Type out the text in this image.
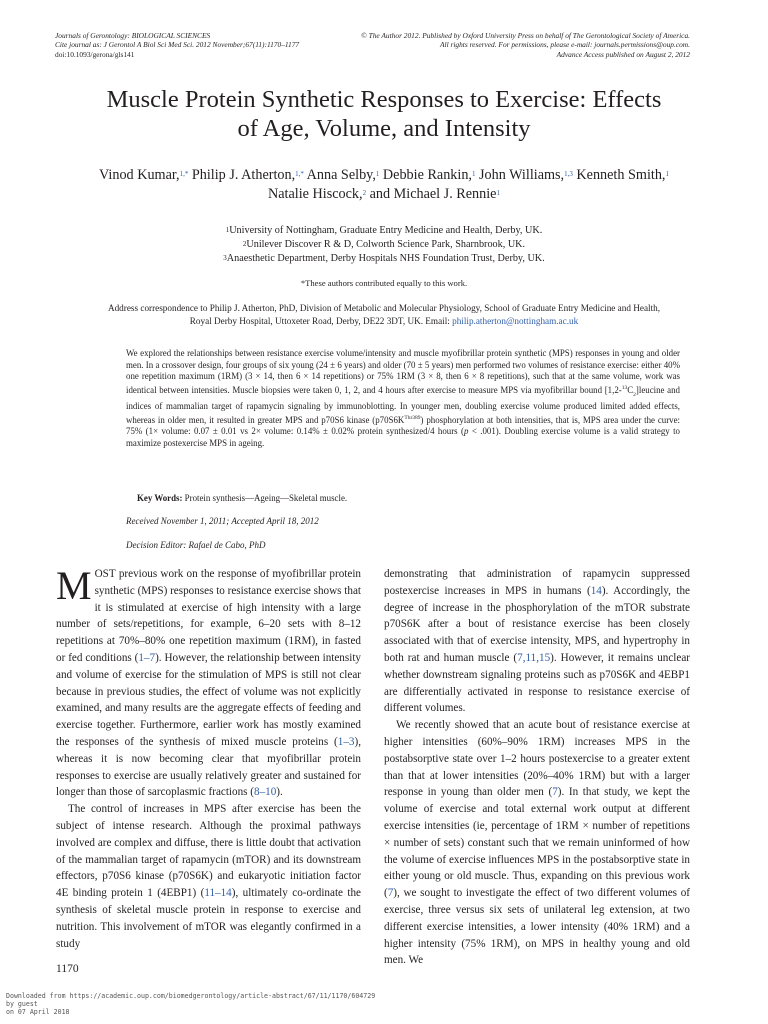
Journals of Gerontology: BIOLOGICAL SCIENCES
Cite journal as: J Gerontol A Biol Sci Med Sci. 2012 November;67(11):1170–1177
doi:10.1093/gerona/gls141
© The Author 2012. Published by Oxford University Press on behalf of The Gerontological Society of America.
All rights reserved. For permissions, please e-mail: journals.permissions@oup.com.
Advance Access published on August 2, 2012
Muscle Protein Synthetic Responses to Exercise: Effects
of Age, Volume, and Intensity
Vinod Kumar,$^{1,*}$ Philip J. Atherton,$^{1,*}$ Anna Selby,$^1$ Debbie Rankin,$^1$ John Williams,$^{1,3}$ Kenneth Smith,$^1$
Natalie Hiscock,$^2$ and Michael J. Rennie$^1$
$^1$University of Nottingham, Graduate Entry Medicine and Health, Derby, UK.
$^2$Unilever Discover R & D, Colworth Science Park, Sharnbrook, UK.
$^3$Anaesthetic Department, Derby Hospitals NHS Foundation Trust, Derby, UK.
*These authors contributed equally to this work.
Address correspondence to Philip J. Atherton, PhD, Division of Metabolic and Molecular Physiology, School of Graduate Entry Medicine and Health,
Royal Derby Hospital, Uttoxeter Road, Derby, DE22 3DT, UK. Email: philip.atherton@nottingham.ac.uk
We explored the relationships between resistance exercise volume/intensity and muscle myofibrillar protein synthetic (MPS) responses in young and older men. In a crossover design, four groups of six young (24 ± 6 years) and older (70 ± 5 years) men performed two volumes of resistance exercise: either 40% one repetition maximum (1RM) (3 × 14, then 6 × 14 repetitions) or 75% 1RM (3 × 8, then 6 × 8 repetitions), such that at the same volume, work was identical between intensities. Muscle biopsies were taken 0, 1, 2, and 4 hours after exercise to measure MPS via myofibrillar bound $[1,2-^{13}C_2]leucine$ and indices of mammalian target of rapamycin signaling by immunoblotting. In younger men, doubling exercise volume produced limited added effects, whereas in older men, it resulted in greater MPS and p70S6 kinase $(p70S6K^{Thr389})$ phosphorylation at both intensities, that is, MPS area under the curve: 75% (1× volume: 0.07 ± 0.01 vs 2× volume: 0.14% ± 0.02% protein synthesized/4 hours (p < .001). Doubling exercise volume is a valid strategy to maximize postexercise MPS in ageing.
Key Words: Protein synthesis—Ageing—Skeletal muscle.
Received November 1, 2011; Accepted April 18, 2012
Decision Editor: Rafael de Cabo, PhD

MOST previous work on the response of myofibrillar protein synthetic (MPS) responses to resistance exercise shows that it is stimulated at exercise of high intensity with a large number of sets/repetitions, for example, 6–20 sets with 8–12 repetitions at 70%–80% one repetition maximum (1RM), in fasted or fed conditions (1–7). However, the relationship between intensity and volume of exercise for the stimulation of MPS is still not clear because in previous studies, the effect of volume was not explicitly examined, and many results are the aggregate effects of feeding and exercise together. Furthermore, earlier work has mostly examined the responses of the synthesis of mixed muscle proteins (1–3), whereas it is now becoming clear that myofibrillar protein responses to exercise are usually relatively greater and sustained for longer than those of sarcoplasmic fractions (8–10).

The control of increases in MPS after exercise has been the subject of intense research. Although the proximal pathways involved are complex and diffuse, there is little doubt that activation of the mammalian target of rapamycin (mTOR) and its downstream effectors, p70S6 kinase (p70S6K) and eukaryotic initiation factor 4E binding protein 1 (4EBP1) (11–14), ultimately co-ordinate the synthesis of skeletal muscle protein in response to exercise and nutrition. This involvement of mTOR was elegantly confirmed in a study

demonstrating that administration of rapamycin suppressed postexercise increases in MPS in humans (14). Accordingly, the degree of increase in the phosphorylation of the mTOR substrate p70S6K after a bout of resistance exercise has been closely associated with that of exercise intensity, MPS, and hypertrophy in both rat and human muscle (7,11,15). However, it remains unclear whether downstream signaling proteins such as p70S6K and 4EBP1 are differentially activated in response to resistance exercise of different volumes.

We recently showed that an acute bout of resistance exercise at higher intensities (60%–90% 1RM) increases MPS in the postabsorptive state over 1–2 hours postexercise to a greater extent than that at lower intensities (20%–40% 1RM) but with a larger response in young than older men (7). In that study, we kept the volume of exercise and total external work output at different exercise intensities (ie, percentage of 1RM × number of repetitions × number of sets) constant such that we remain uninformed of how the volume of exercise influences MPS in the postabsorptive state in either young or old muscle. Thus, expanding on this previous work (7), we sought to investigate the effect of two different volumes of exercise, three versus six sets of unilateral leg extension, at two different exercise intensities, a lower intensity (40% 1RM) and a higher intensity (75% 1RM), on MPS in healthy young and old men. We

1170
Downloaded from https://academic.oup.com/biomedgerontology/article-abstract/67/11/1170/604729
by guest
on 07 April 2018
